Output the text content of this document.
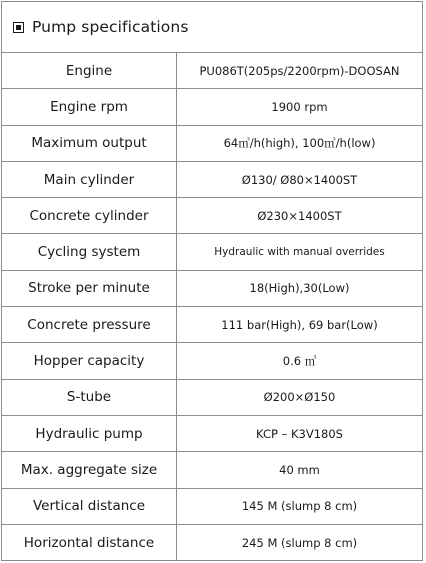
Pump specifications
Engine	PU086T(205ps/2200rpm)-DOOSAN
Engine rpm	1900 rpm
Maximum output	64㎥/h(high), 100㎥/h(low)
Main cylinder	Ø130/ Ø80×1400ST
Concrete cylinder	Ø230×1400ST
Cycling system	Hydraulic with manual overrides
Stroke per minute	18(High),30(Low)
Concrete pressure	111 bar(High), 69 bar(Low)
Hopper capacity	0.6 ㎥
S-tube	Ø200×Ø150
Hydraulic pump	KCP – K3V180S
Max. aggregate size	40 mm
Vertical distance	145 M (slump 8 cm)
Horizontal distance	245 M (slump 8 cm)
